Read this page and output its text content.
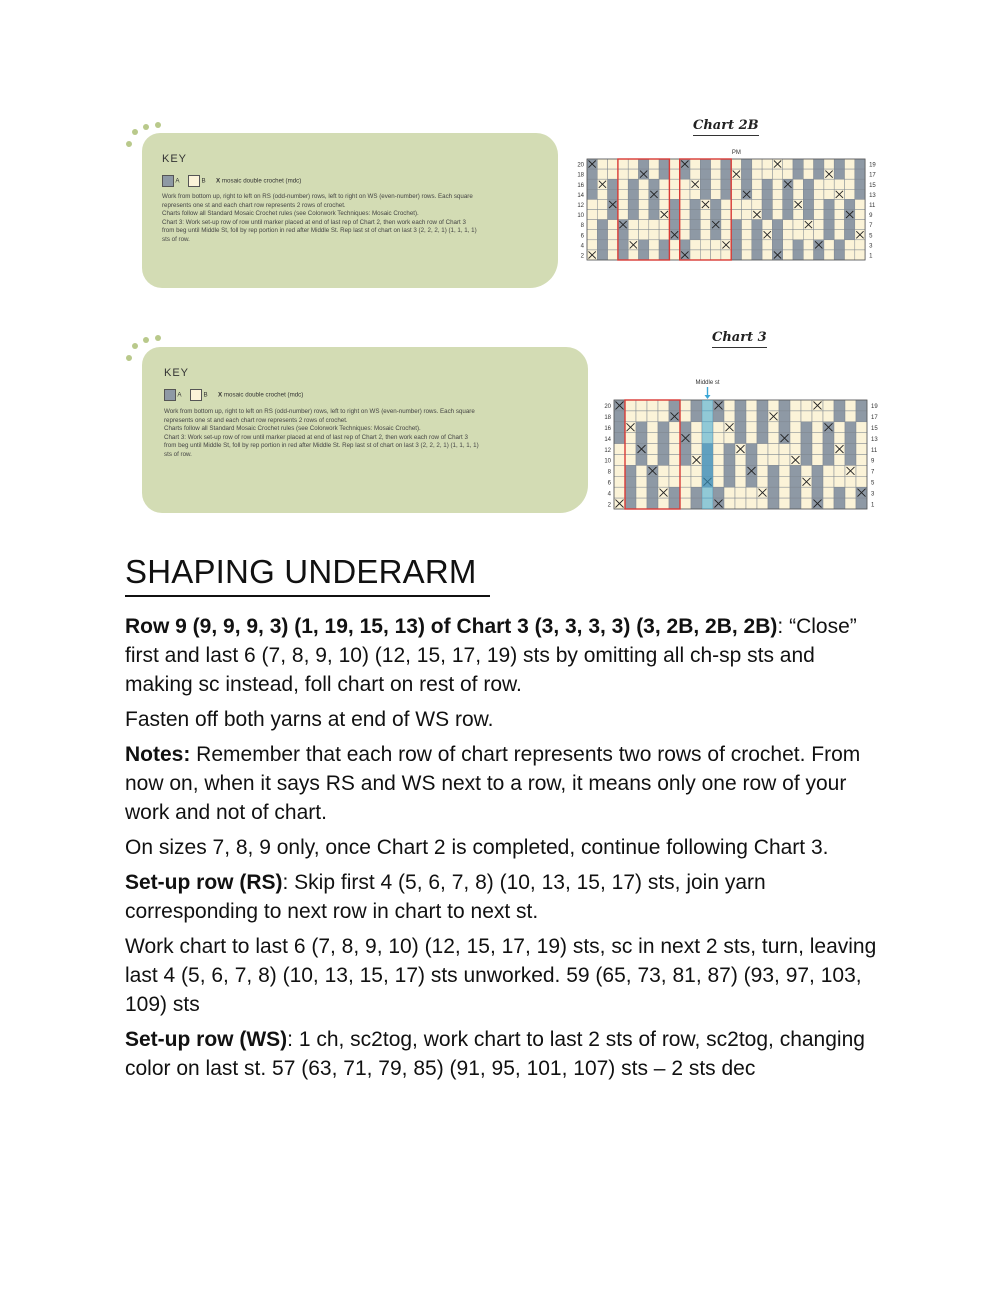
KEY
A	B X mosaic double crochet (mdc)
Work from bottom up, right to left on RS (odd-number) rows, left to right on WS (even-number) rows. Each square
represents one st and each chart row represents 2 rows of crochet.
Charts follow all Standard Mosaic Crochet rules (see Colorwork Techniques: Mosaic Crochet).
Chart 3: Work set-up row of row until marker placed at end of last rep of Chart 2, then work each row of Chart 3
from beg until Middle St, foll by rep portion in red after Middle St. Rep last st of chart on last 3 (2, 2, 2, 1) (1, 1, 1, 1)
sts of row.
KEY
A	B X mosaic double crochet (mdc)
Work from bottom up, right to left on RS (odd-number) rows, left to right on WS (even-number) rows. Each square
represents one st and each chart row represents 2 rows of crochet.
Charts follow all Standard Mosaic Crochet rules (see Colorwork Techniques: Mosaic Crochet).
Chart 3: Work set-up row of row until marker placed at end of last rep of Chart 2, then work each row of Chart 3
from beg until Middle St, foll by rep portion in red after Middle St. Rep last st of chart on last 3 (2, 2, 2, 1) (1, 1, 1, 1)
sts of row.
Chart 2B
20	19
18	17
16	15
14	13
12	11
10	9
8	7
6	5
4	3
2	1
PM
Chart 3
20	19
18	17
16	15
14	13
12	11
10	9
8	7
6	5
4	3
2	1
Middle st
SHAPING UNDERARM

Row 9 (9, 9, 9, 3) (1, 19, 15, 13) of Chart 3 (3, 3, 3, 3) (3, 2B, 2B, 2B): “Close” first and last 6 (7, 8, 9, 10) (12, 15, 17, 19) sts by omitting all ch-sp sts and making sc instead, foll chart on rest of row.

Fasten off both yarns at end of WS row.

Notes: Remember that each row of chart represents two rows of crochet. From now on, when it says RS and WS next to a row, it means only one row of your work and not of chart.

On sizes 7, 8, 9 only, once Chart 2 is completed, continue following Chart 3.

Set-up row (RS): Skip first 4 (5, 6, 7, 8) (10, 13, 15, 17) sts, join yarn corresponding to next row in chart to next st.

Work chart to last 6 (7, 8, 9, 10) (12, 15, 17, 19) sts, sc in next 2 sts, turn, leaving last 4 (5, 6, 7, 8) (10, 13, 15, 17) sts unworked. 59 (65, 73, 81, 87) (93, 97, 103, 109) sts

Set-up row (WS): 1 ch, sc2tog, work chart to last 2 sts of row, sc2tog, changing color on last st. 57 (63, 71, 79, 85) (91, 95, 101, 107) sts – 2 sts dec
